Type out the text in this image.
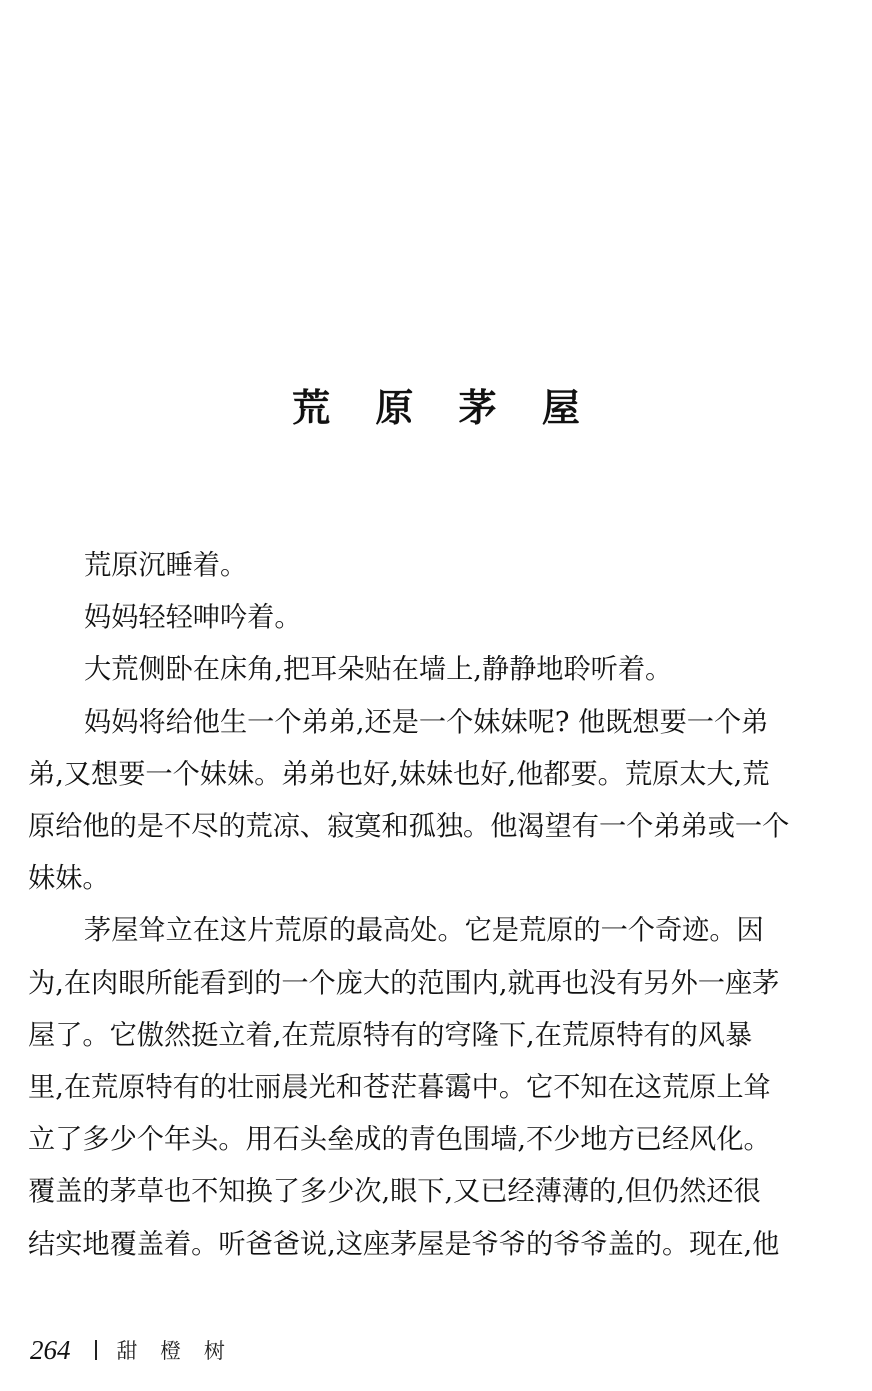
荒 原 茅 屋

荒原沉睡着。

妈妈轻轻呻吟着。

大荒侧卧在床角,把耳朵贴在墙上,静静地聆听着。

妈妈将给他生一个弟弟,还是一个妹妹呢? 他既想要一个弟
弟,又想要一个妹妹。弟弟也好,妹妹也好,他都要。荒原太大,荒
原给他的是不尽的荒凉、寂寞和孤独。他渴望有一个弟弟或一个
妹妹。

茅屋耸立在这片荒原的最高处。它是荒原的一个奇迹。因
为,在肉眼所能看到的一个庞大的范围内,就再也没有另外一座茅
屋了。它傲然挺立着,在荒原特有的穹隆下,在荒原特有的风暴
里,在荒原特有的壮丽晨光和苍茫暮霭中。它不知在这荒原上耸
立了多少个年头。用石头垒成的青色围墙,不少地方已经风化。
覆盖的茅草也不知换了多少次,眼下,又已经薄薄的,但仍然还很
结实地覆盖着。听爸爸说,这座茅屋是爷爷的爷爷盖的。现在,他

264 甜 橙 树
